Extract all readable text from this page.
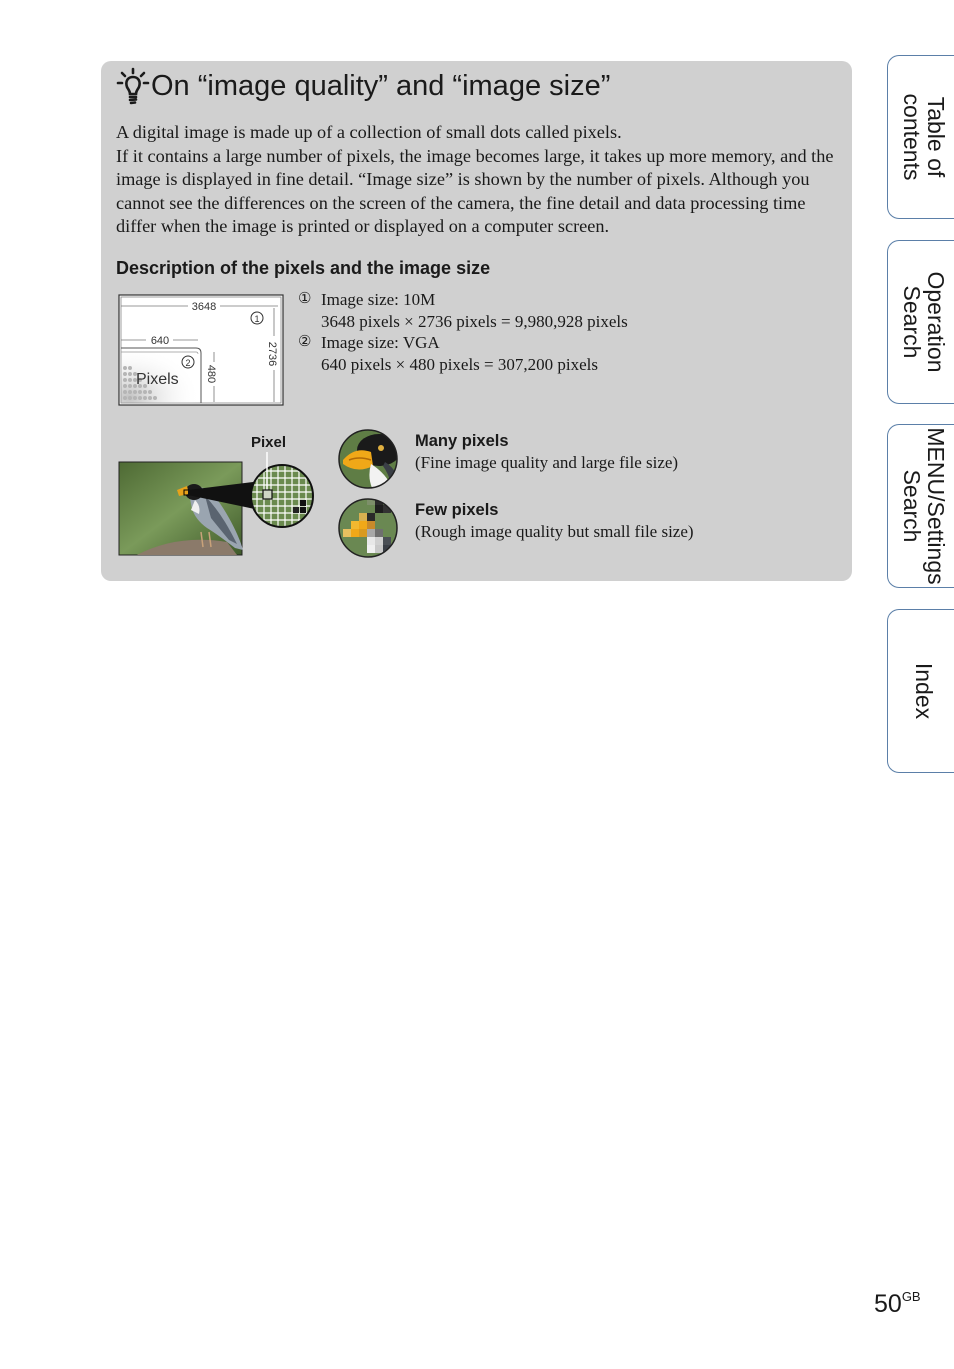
On “image quality” and “image size”

A digital image is made up of a collection of small dots called pixels.

If it contains a large number of pixels, the image becomes large, it takes up more memory, and the image is displayed in fine detail. “Image size” is shown by the number of pixels. Although you cannot see the differences on the screen of the camera, the fine detail and data processing time differ when the image is printed or displayed on a computer screen.

Description of the pixels and the image size
3648
2736
1
640
480
2
Pixels
① Image size: 10M
3648 pixels × 2736 pixels = 9,980,928 pixels
② Image size: VGA
640 pixels × 480 pixels = 307,200 pixels
Pixel	Many pixels
(Fine image quality and large file size)
Few pixels
(Rough image quality but small file size)
Table of
contents
Operation
Search
MENU/Settings
Search
Index
$50^{GB}$
